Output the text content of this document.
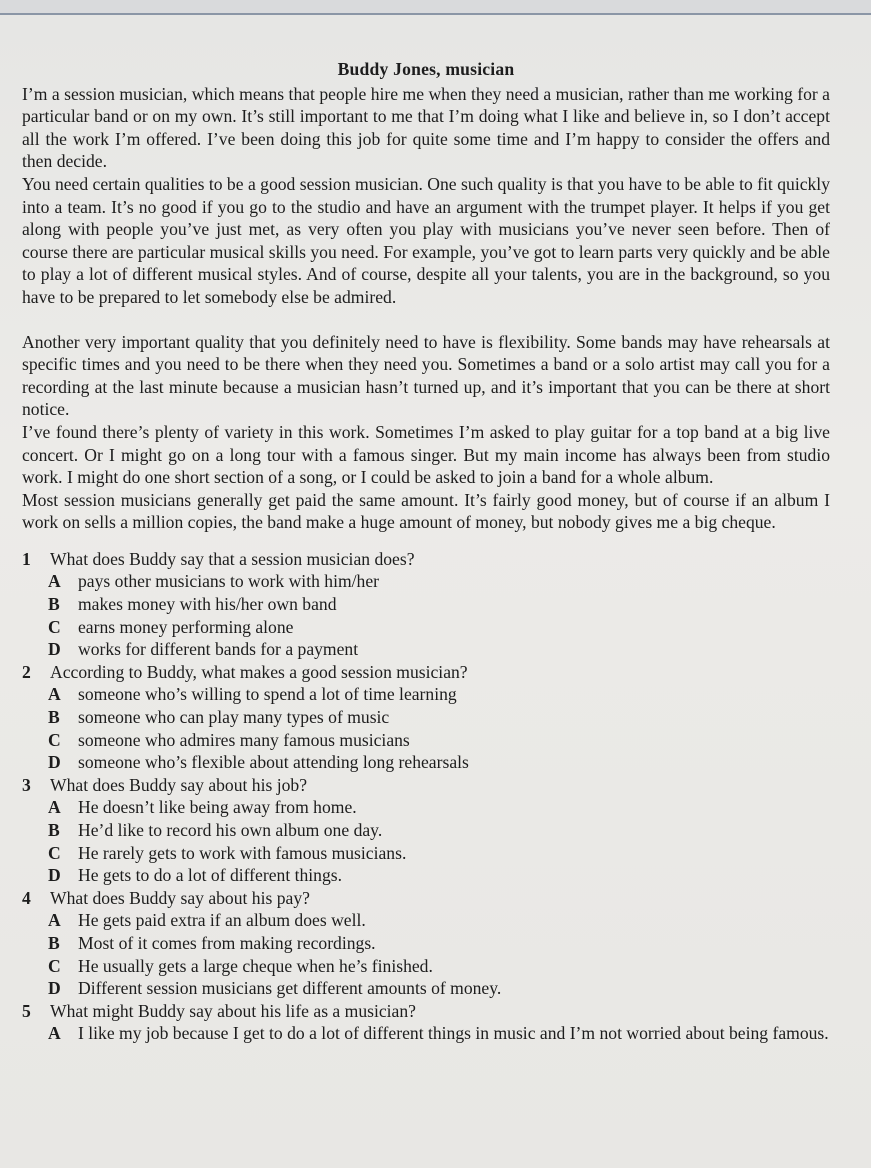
Buddy Jones, musician

I’m a session musician, which means that people hire me when they need a musician, rather than me working for a particular band or on my own. It’s still important to me that I’m doing what I like and believe in, so I don’t accept all the work I’m offered. I’ve been doing this job for quite some time and I’m happy to consider the offers and then decide.

You need certain qualities to be a good session musician. One such quality is that you have to be able to fit quickly into a team. It’s no good if you go to the studio and have an argument with the trumpet player. It helps if you get along with people you’ve just met, as very often you play with musicians you’ve never seen before. Then of course there are particular musical skills you need. For example, you’ve got to learn parts very quickly and be able to play a lot of different musical styles. And of course, despite all your talents, you are in the background, so you have to be prepared to let somebody else be admired.

Another very important quality that you definitely need to have is flexibility. Some bands may have rehearsals at specific times and you need to be there when they need you. Sometimes a band or a solo artist may call you for a recording at the last minute because a musician hasn’t turned up, and it’s important that you can be there at short notice.

I’ve found there’s plenty of variety in this work. Sometimes I’m asked to play guitar for a top band at a big live concert. Or I might go on a long tour with a famous singer. But my main income has always been from studio work. I might do one short section of a song, or I could be asked to join a band for a whole album.

Most session musicians generally get paid the same amount. It’s fairly good money, but of course if an album I work on sells a million copies, the band make a huge amount of money, but nobody gives me a big cheque.

1 What does Buddy say that a session musician does?
A pays other musicians to work with him/her
B makes money with his/her own band
C earns money performing alone
D works for different bands for a payment
2 According to Buddy, what makes a good session musician?
A someone who’s willing to spend a lot of time learning
B someone who can play many types of music
C someone who admires many famous musicians
D someone who’s flexible about attending long rehearsals
3 What does Buddy say about his job?
A He doesn’t like being away from home.
B He’d like to record his own album one day.
C He rarely gets to work with famous musicians.
D He gets to do a lot of different things.
4 What does Buddy say about his pay?
A He gets paid extra if an album does well.
B Most of it comes from making recordings.
C He usually gets a large cheque when he’s finished.
D Different session musicians get different amounts of money.
5 What might Buddy say about his life as a musician?
A I like my job because I get to do a lot of different things in music and I’m not worried about being famous.
